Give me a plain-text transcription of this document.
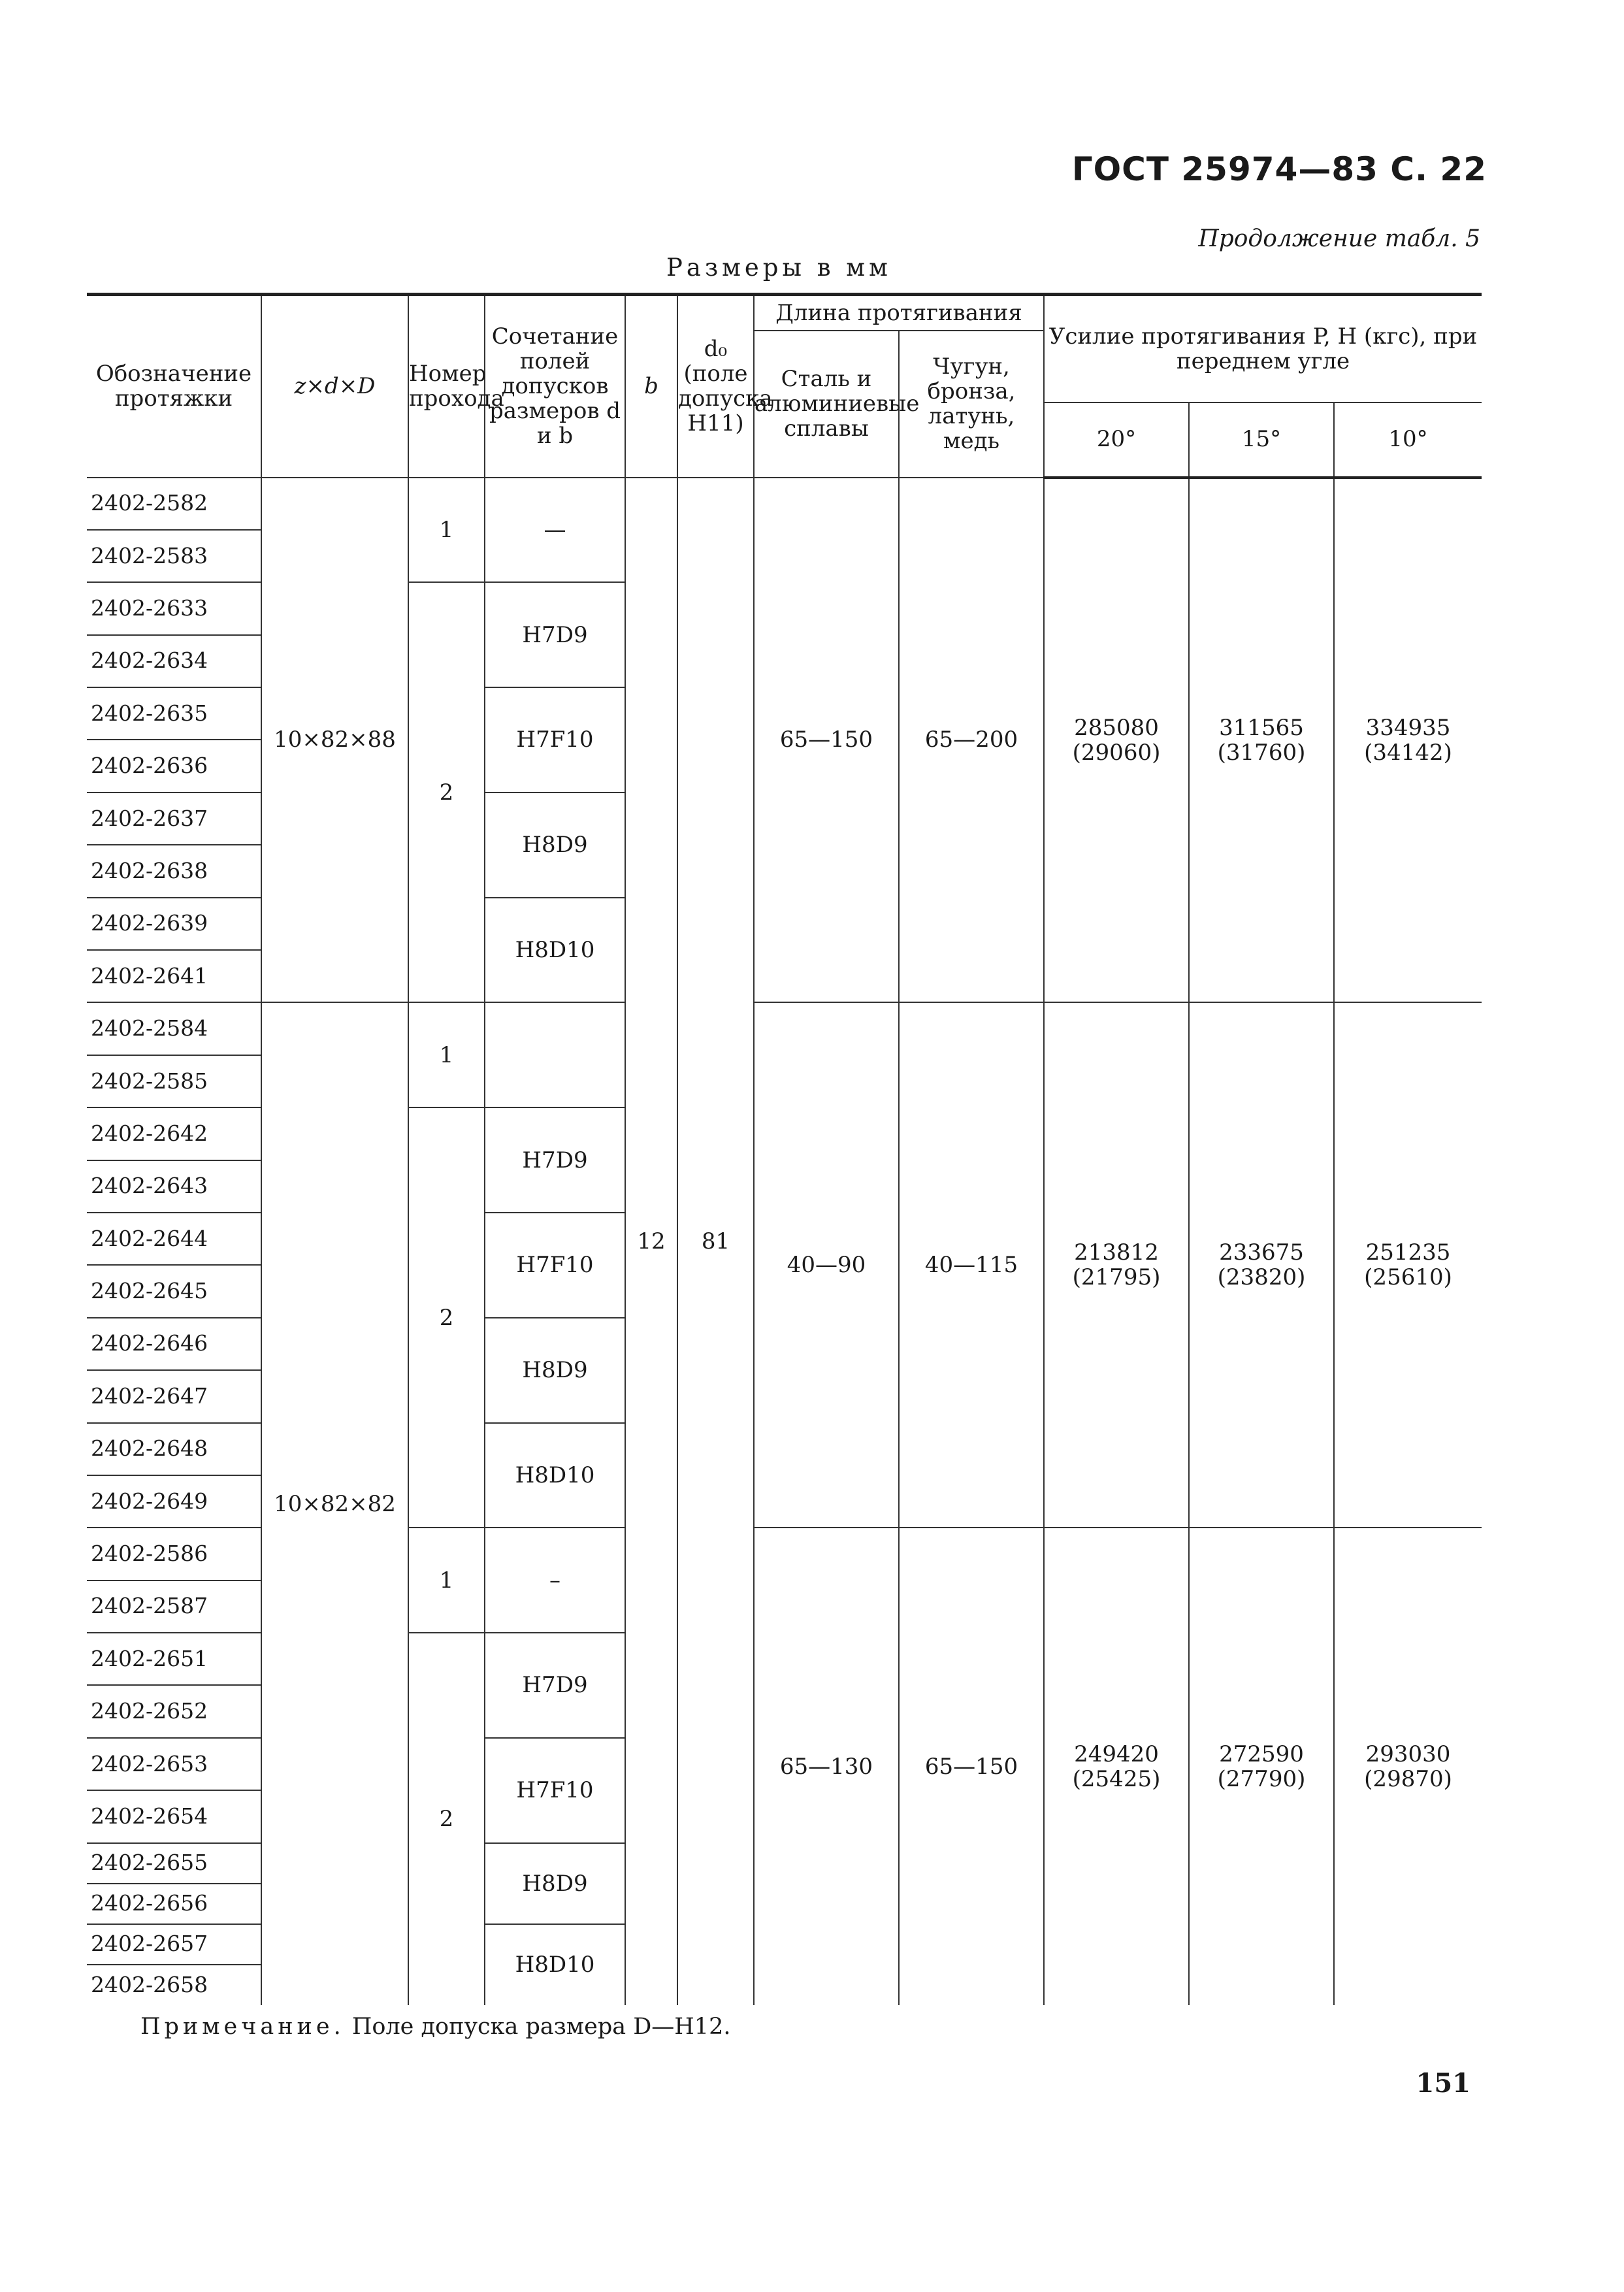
ГОСТ 25974—83 С. 22
Продолжение табл. 5
Размеры в мм
Обозначение протяжки	z×d×D	Номер прохода	Сочетание полей допусков размеров d и b	b	d₀ (поле допуска H11)	Длина протягивания		Усилие протягивания P, Н (кгс), при переднем угле		
						Сталь и алюминиевые сплавы	Чугун, бронза, латунь, медь			
								20°	15°	10°
2402-2582	10×82×88	1	—	12	81	65—150	65—200	285080 (29060)	311565 (31760)	334935 (34142)
2402-2583										
2402-2633		2	H7D9							
2402-2634										
2402-2635			H7F10							
2402-2636										
2402-2637			H8D9							
2402-2638										
2402-2639			H8D10							
2402-2641										
2402-2584	10×82×82	1				40—90	40—115	213812 (21795)	233675 (23820)	251235 (25610)
2402-2585										
2402-2642		2	H7D9							
2402-2643										
2402-2644			H7F10							
2402-2645										
2402-2646			H8D9							
2402-2647										
2402-2648			H8D10							
2402-2649										
2402-2586		1	–			65—130	65—150	249420 (25425)	272590 (27790)	293030 (29870)
2402-2587										
2402-2651		2	H7D9							
2402-2652										
2402-2653			H7F10							
2402-2654										
2402-2655			H8D9							
2402-2656										
2402-2657			H8D10							
2402-2658										
Примечание. Поле допуска размера D—H12.
151
